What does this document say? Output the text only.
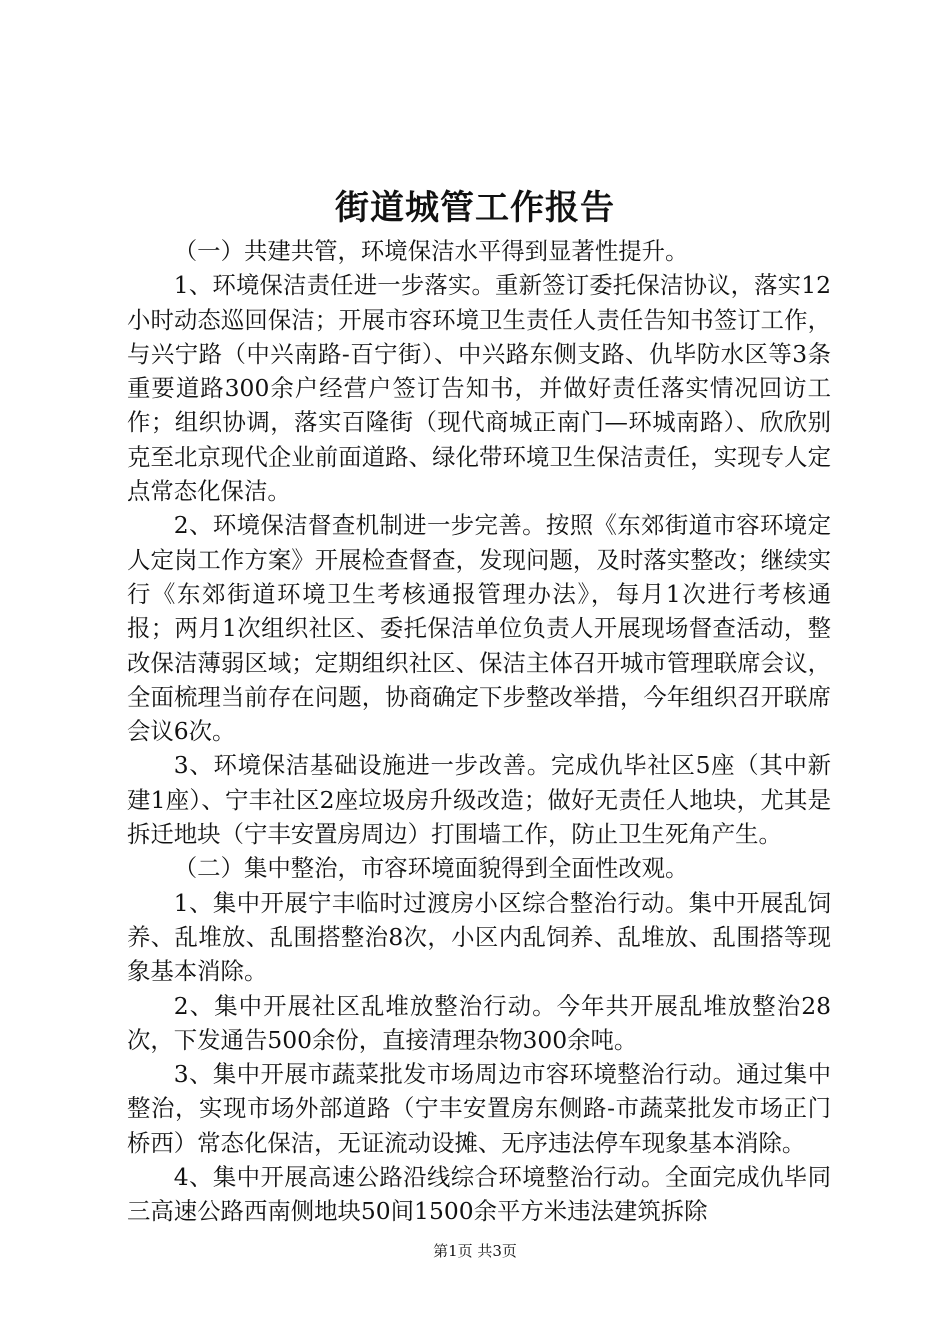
街道城管工作报告

（一）共建共管，环境保洁水平得到显著性提升。

1、环境保洁责任进一步落实。重新签订委托保洁协议，落实12小时动态巡回保洁；开展市容环境卫生责任人责任告知书签订工作，与兴宁路（中兴南路-百宁街）、中兴路东侧支路、仇毕防水区等3条重要道路300余户经营户签订告知书，并做好责任落实情况回访工作；组织协调，落实百隆街（现代商城正南门—环城南路）、欣欣别克至北京现代企业前面道路、绿化带环境卫生保洁责任，实现专人定点常态化保洁。

2、环境保洁督查机制进一步完善。按照《东郊街道市容环境定人定岗工作方案》开展检查督查，发现问题，及时落实整改；继续实行《东郊街道环境卫生考核通报管理办法》，每月1次进行考核通报；两月1次组织社区、委托保洁单位负责人开展现场督查活动，整改保洁薄弱区域；定期组织社区、保洁主体召开城市管理联席会议，全面梳理当前存在问题，协商确定下步整改举措，今年组织召开联席会议6次。

3、环境保洁基础设施进一步改善。完成仇毕社区5座（其中新建1座）、宁丰社区2座垃圾房升级改造；做好无责任人地块，尤其是拆迁地块（宁丰安置房周边）打围墙工作，防止卫生死角产生。

（二）集中整治，市容环境面貌得到全面性改观。

1、集中开展宁丰临时过渡房小区综合整治行动。集中开展乱饲养、乱堆放、乱围搭整治8次，小区内乱饲养、乱堆放、乱围搭等现象基本消除。

2、集中开展社区乱堆放整治行动。今年共开展乱堆放整治28次，下发通告500余份，直接清理杂物300余吨。

3、集中开展市蔬菜批发市场周边市容环境整治行动。通过集中整治，实现市场外部道路（宁丰安置房东侧路-市蔬菜批发市场正门桥西）常态化保洁，无证流动设摊、无序违法停车现象基本消除。

4、集中开展高速公路沿线综合环境整治行动。全面完成仇毕同三高速公路西南侧地块50间1500余平方米违法建筑拆除

第1页 共3页
